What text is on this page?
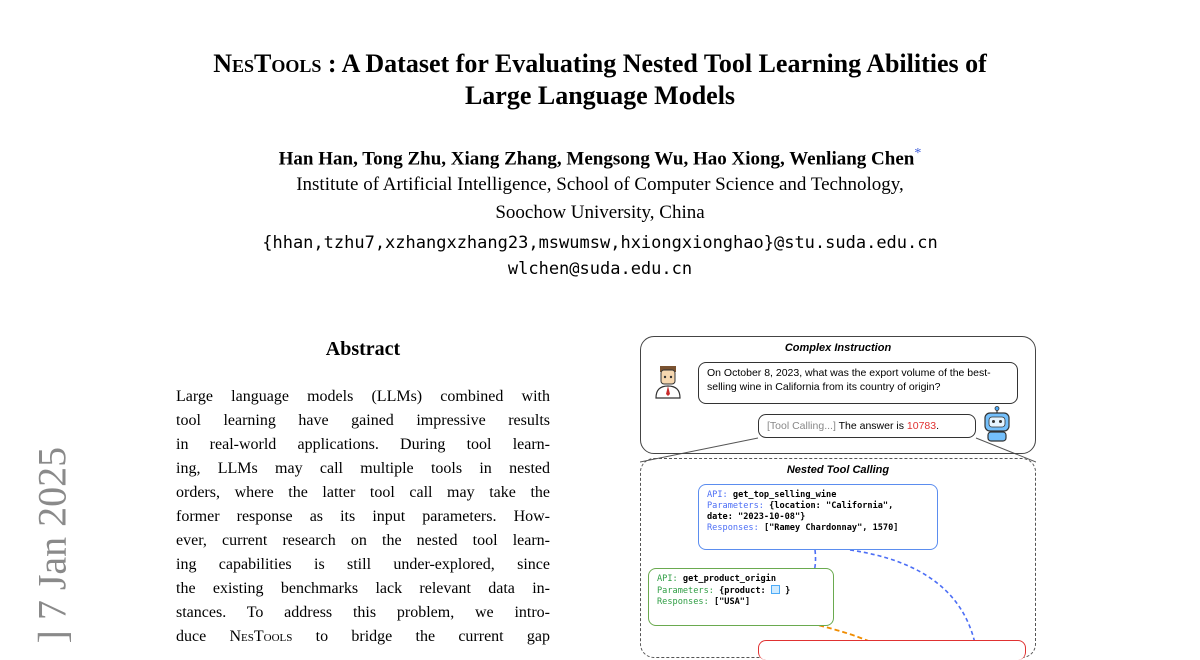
NesTools : A Dataset for Evaluating Nested Tool Learning Abilities of
Large Language Models
Han Han, Tong Zhu, Xiang Zhang, Mengsong Wu, Hao Xiong, Wenliang Chen*
Institute of Artificial Intelligence, School of Computer Science and Technology,
Soochow University, China
{hhan,tzhu7,xzhangxzhang23,mswumsw,hxiongxionghao}@stu.suda.edu.cn
wlchen@suda.edu.cn
] 7 Jan 2025
Abstract
Large language models (LLMs) combined with
tool learning have gained impressive results
in real-world applications. During tool learn-
ing, LLMs may call multiple tools in nested
orders, where the latter tool call may take the
former response as its input parameters. How-
ever, current research on the nested tool learn-
ing capabilities is still under-explored, since
the existing benchmarks lack relevant data in-
stances. To address this problem, we intro-
duce NesTools to bridge the current gap
Complex Instruction
On October 8, 2023, what was the export volume of the best-selling wine in California from its country of origin?
[Tool Calling...] The answer is 10783.
Nested Tool Calling
API: get_top_selling_wine
Parameters: {location: "California",
date: "2023-10-08"}
Responses: ["Ramey Chardonnay", 1570]
API: get_product_origin
Parameters: {product: }
Responses: ["USA"]
